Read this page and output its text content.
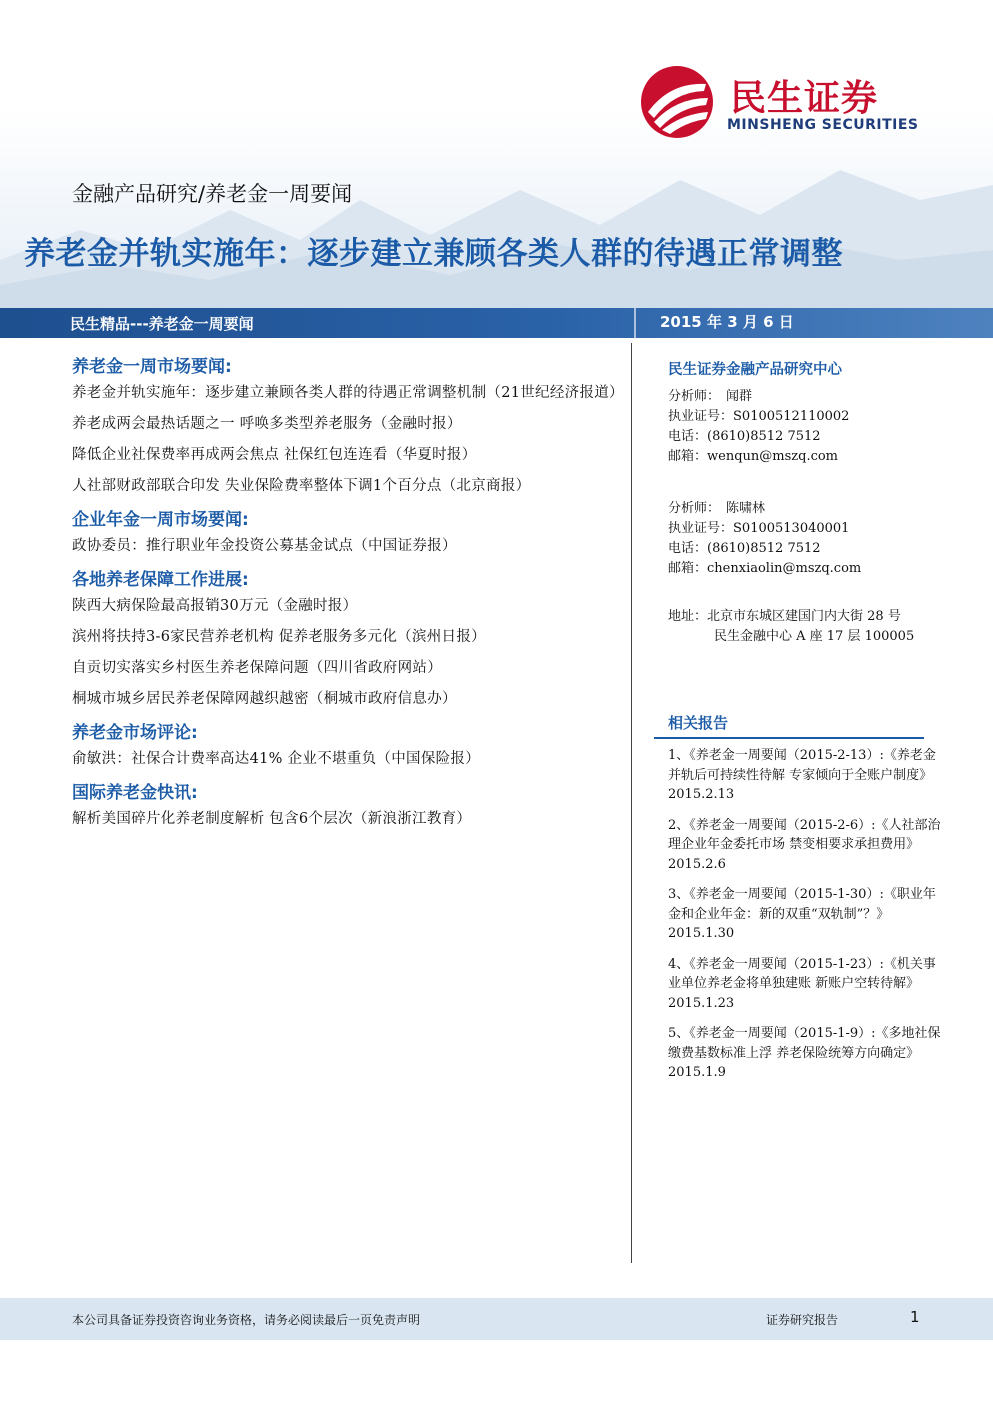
民生证券
MINSHENG SECURITIES
金融产品研究/养老金一周要闻
养老金并轨实施年：逐步建立兼顾各类人群的待遇正常调整
民生精品---养老金一周要闻	2015 年 3 月 6 日
养老金一周市场要闻:
养老金并轨实施年：逐步建立兼顾各类人群的待遇正常调整机制（21世纪经济报道）
养老成两会最热话题之一 呼唤多类型养老服务（金融时报）
降低企业社保费率再成两会焦点 社保红包连连看（华夏时报）
人社部财政部联合印发 失业保险费率整体下调1个百分点（北京商报）
企业年金一周市场要闻:
政协委员：推行职业年金投资公募基金试点（中国证券报）
各地养老保障工作进展:
陕西大病保险最高报销30万元（金融时报）
滨州将扶持3-6家民营养老机构 促养老服务多元化（滨州日报）
自贡切实落实乡村医生养老保障问题（四川省政府网站）
桐城市城乡居民养老保障网越织越密（桐城市政府信息办）
养老金市场评论:
俞敏洪：社保合计费率高达41% 企业不堪重负（中国保险报）
国际养老金快讯:
解析美国碎片化养老制度解析 包含6个层次（新浪浙江教育）
民生证券金融产品研究中心
分析师： 闻群
执业证号：S0100512110002
电话：(8610)8512 7512
邮箱：wenqun@mszq.com
分析师： 陈啸林
执业证号：S0100513040001
电话：(8610)8512 7512
邮箱：chenxiaolin@mszq.com
地址：北京市东城区建国门内大街 28 号
民生金融中心 A 座 17 层 100005
相关报告
1、《养老金一周要闻（2015-2-13）:《养老金并轨后可持续性待解 专家倾向于全账户制度》2015.2.13
2、《养老金一周要闻（2015-2-6）:《人社部治理企业年金委托市场 禁变相要求承担费用》2015.2.6
3、《养老金一周要闻（2015-1-30）:《职业年金和企业年金：新的双重“双轨制”？》2015.1.30
4、《养老金一周要闻（2015-1-23）:《机关事业单位养老金将单独建账 新账户空转待解》2015.1.23
5、《养老金一周要闻（2015-1-9）:《多地社保缴费基数标准上浮 养老保险统筹方向确定》2015.1.9
本公司具备证券投资咨询业务资格，请务必阅读最后一页免责声明	证券研究报告	1
